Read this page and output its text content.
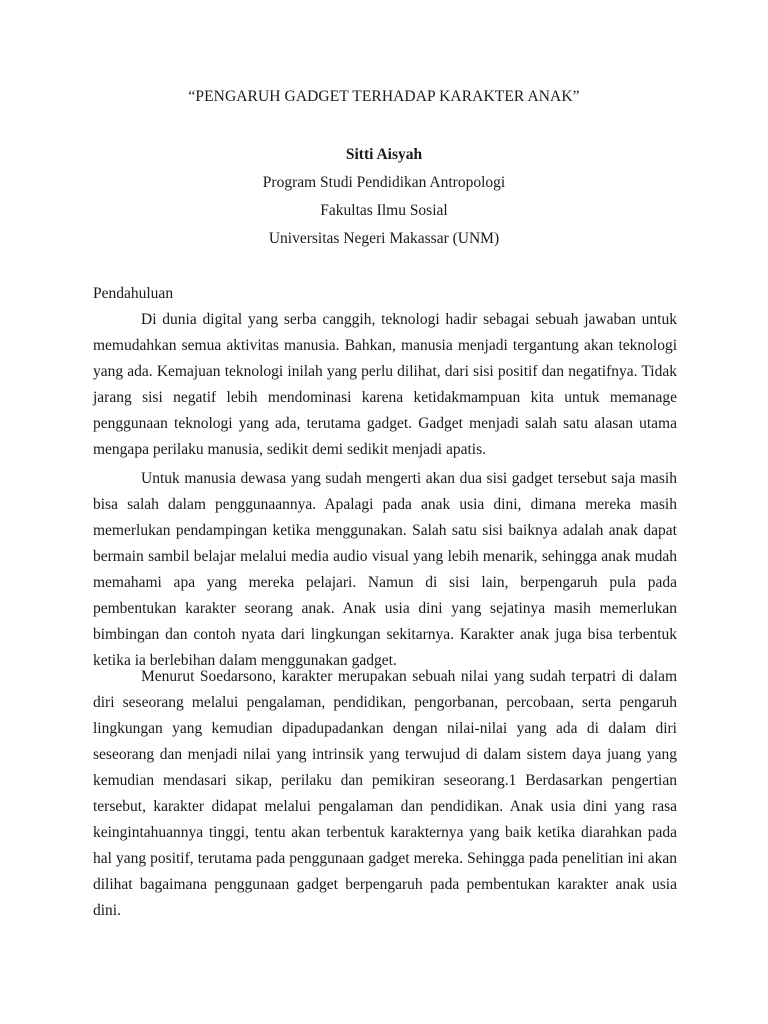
“PENGARUH GADGET TERHADAP KARAKTER ANAK”
Sitti Aisyah
Program Studi Pendidikan Antropologi
Fakultas Ilmu Sosial
Universitas Negeri Makassar (UNM)
Pendahuluan

Di dunia digital yang serba canggih, teknologi hadir sebagai sebuah jawaban untuk memudahkan semua aktivitas manusia. Bahkan, manusia menjadi tergantung akan teknologi yang ada. Kemajuan teknologi inilah yang perlu dilihat, dari sisi positif dan negatifnya. Tidak jarang sisi negatif lebih mendominasi karena ketidakmampuan kita untuk memanage penggunaan teknologi yang ada, terutama gadget. Gadget menjadi salah satu alasan utama mengapa perilaku manusia, sedikit demi sedikit menjadi apatis.

Untuk manusia dewasa yang sudah mengerti akan dua sisi gadget tersebut saja masih bisa salah dalam penggunaannya. Apalagi pada anak usia dini, dimana mereka masih memerlukan pendampingan ketika menggunakan. Salah satu sisi baiknya adalah anak dapat bermain sambil belajar melalui media audio visual yang lebih menarik, sehingga anak mudah memahami apa yang mereka pelajari. Namun di sisi lain, berpengaruh pula pada pembentukan karakter seorang anak. Anak usia dini yang sejatinya masih memerlukan bimbingan dan contoh nyata dari lingkungan sekitarnya. Karakter anak juga bisa terbentuk ketika ia berlebihan dalam menggunakan gadget.

Menurut Soedarsono, karakter merupakan sebuah nilai yang sudah terpatri di dalam diri seseorang melalui pengalaman, pendidikan, pengorbanan, percobaan, serta pengaruh lingkungan yang kemudian dipadupadankan dengan nilai-nilai yang ada di dalam diri seseorang dan menjadi nilai yang intrinsik yang terwujud di dalam sistem daya juang yang kemudian mendasari sikap, perilaku dan pemikiran seseorang.1 Berdasarkan pengertian tersebut, karakter didapat melalui pengalaman dan pendidikan. Anak usia dini yang rasa keingintahuannya tinggi, tentu akan terbentuk karakternya yang baik ketika diarahkan pada hal yang positif, terutama pada penggunaan gadget mereka. Sehingga pada penelitian ini akan dilihat bagaimana penggunaan gadget berpengaruh pada pembentukan karakter anak usia dini.
